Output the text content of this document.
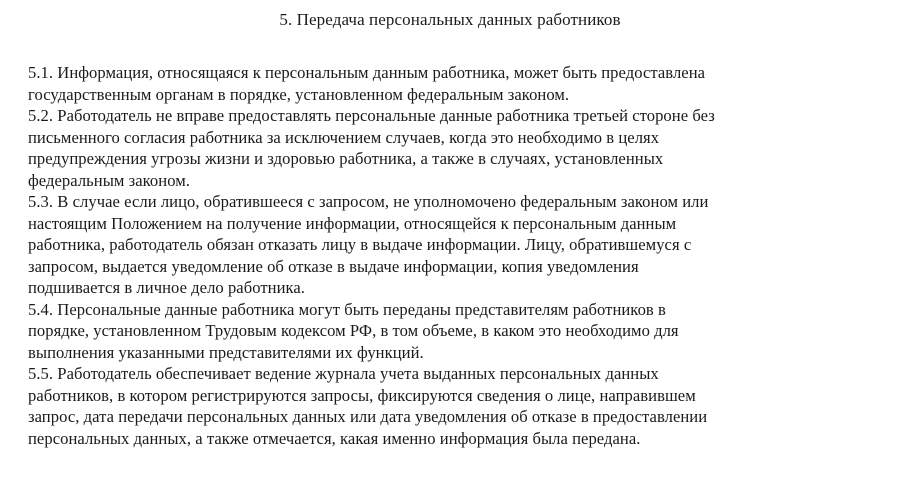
5. Передача персональных данных работников
5.1. Информация, относящаяся к персональным данным работника, может быть предоставлена
государственным органам в порядке, установленном федеральным законом.
5.2. Работодатель не вправе предоставлять персональные данные работника третьей стороне без
письменного согласия работника за исключением случаев, когда это необходимо в целях
предупреждения угрозы жизни и здоровью работника, а также в случаях, установленных
федеральным законом.
5.3. В случае если лицо, обратившееся с запросом, не уполномочено федеральным законом или
настоящим Положением на получение информации, относящейся к персональным данным
работника, работодатель обязан отказать лицу в выдаче информации. Лицу, обратившемуся с
запросом, выдается уведомление об отказе в выдаче информации, копия уведомления
подшивается в личное дело работника.
5.4. Персональные данные работника могут быть переданы представителям работников в
порядке, установленном Трудовым кодексом РФ, в том объеме, в каком это необходимо для
выполнения указанными представителями их функций.
5.5. Работодатель обеспечивает ведение журнала учета выданных персональных данных
работников, в котором регистрируются запросы, фиксируются сведения о лице, направившем
запрос, дата передачи персональных данных или дата уведомления об отказе в предоставлении
персональных данных, а также отмечается, какая именно информация была передана.
